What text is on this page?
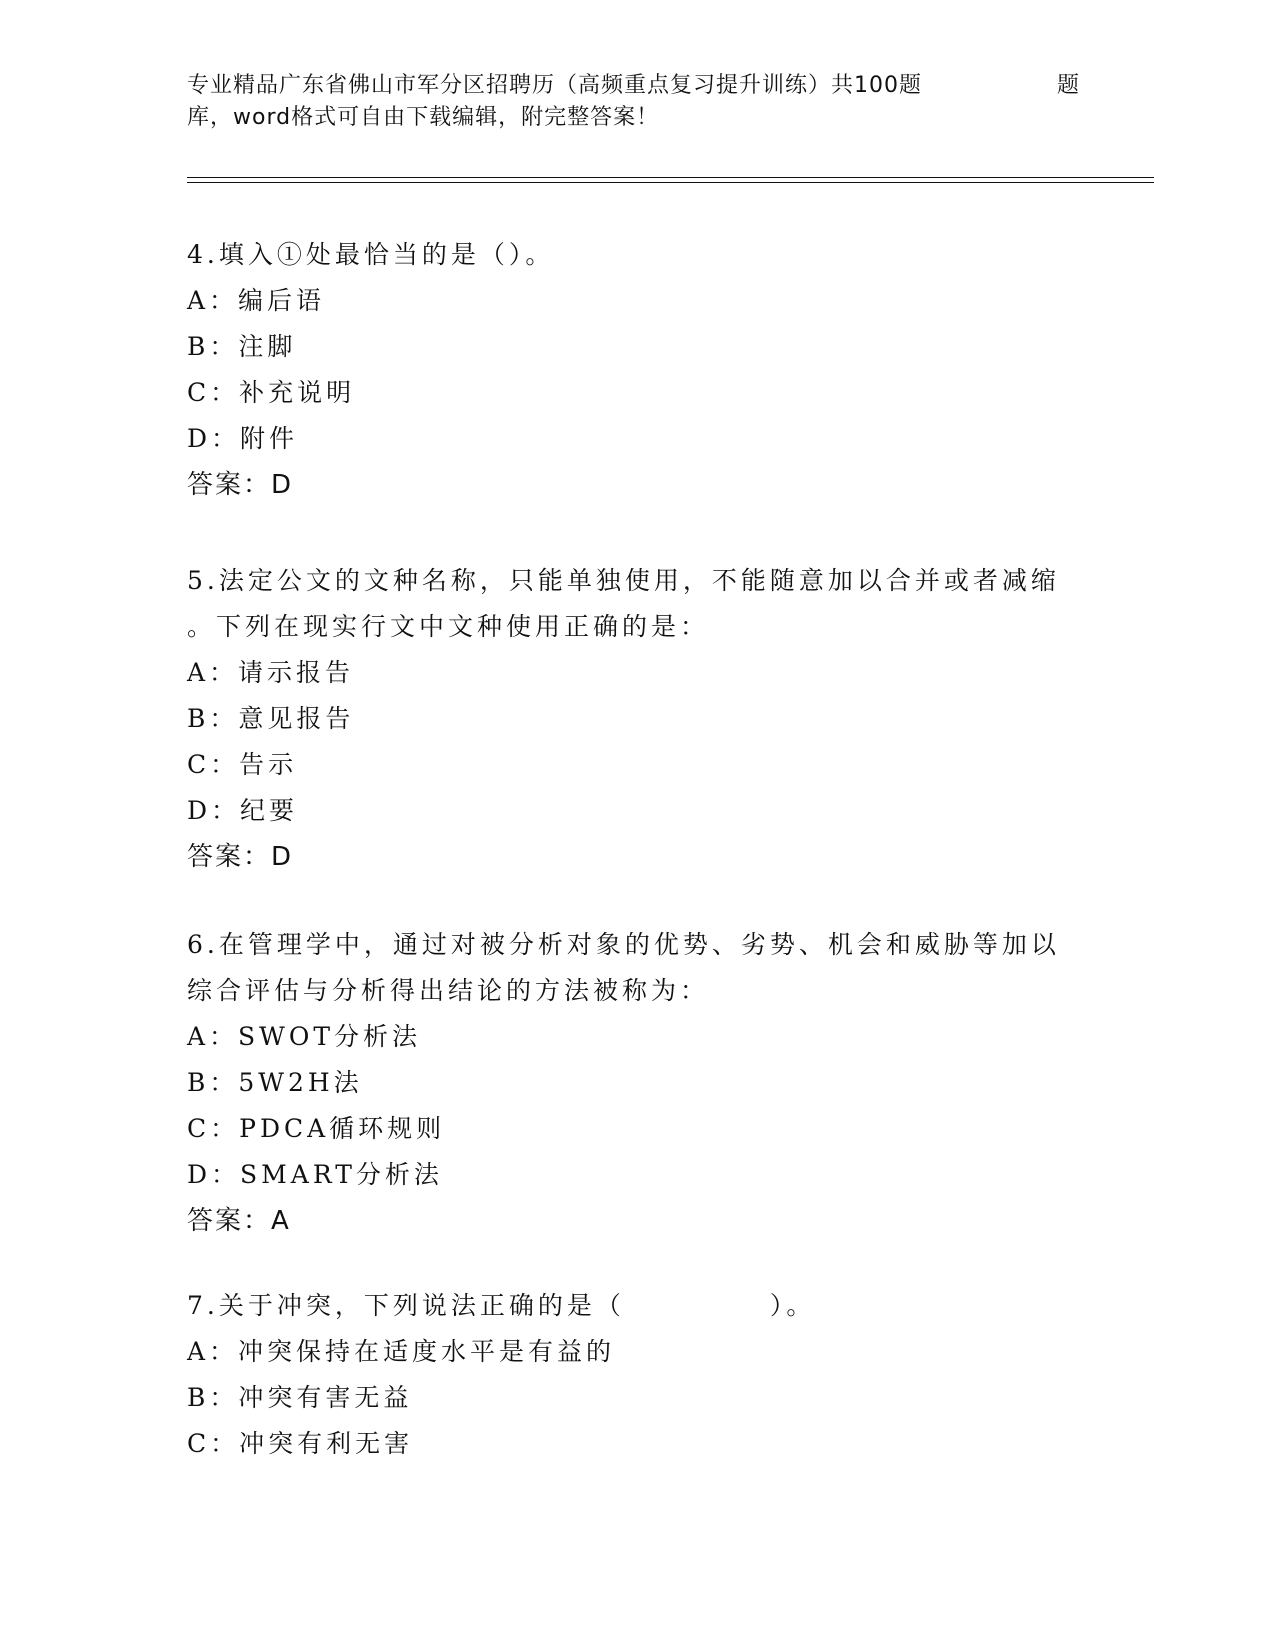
专业精品广东省佛山市军分区招聘历（高频重点复习提升训练）共100题	题
库，word格式可自由下载编辑，附完整答案！
4.填入①处最恰当的是（）。
A：编后语
B：注脚
C：补充说明
D：附件
答案：D
5.法定公文的文种名称，只能单独使用，不能随意加以合并或者减缩
。下列在现实行文中文种使用正确的是：
A：请示报告
B：意见报告
C：告示
D：纪要
答案：D
6.在管理学中，通过对被分析对象的优势、劣势、机会和威胁等加以
综合评估与分析得出结论的方法被称为：
A：SWOT分析法
B：5W2H法
C：PDCA循环规则
D：SMART分析法
答案：A
7.关于冲突，下列说法正确的是（　　　　　）。
A：冲突保持在适度水平是有益的
B：冲突有害无益
C：冲突有利无害
